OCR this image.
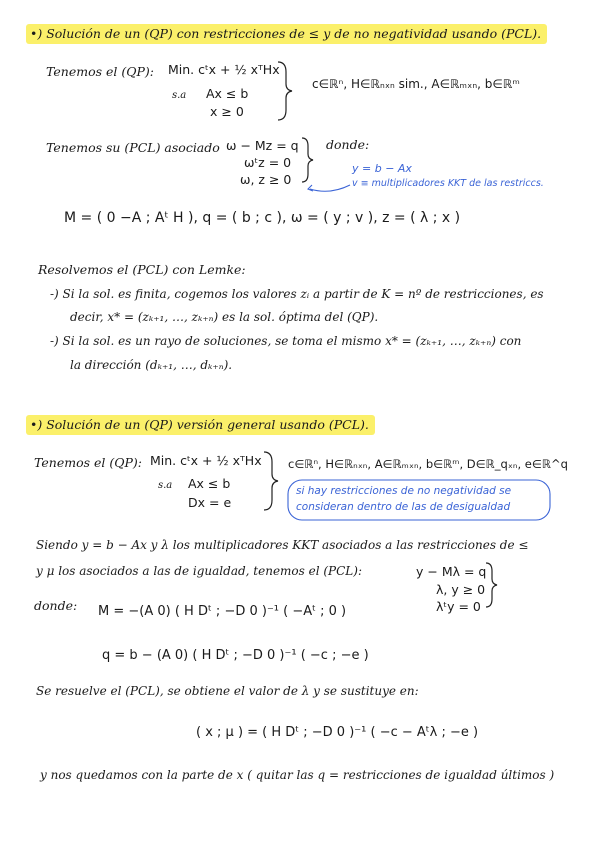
•) Solución de un (QP) con restricciones de ≤ y de no negatividad usando (PCL).
Tenemos el (QP): Min. cᵗx + ½ xᵀHx
s.a Ax ≤ b
x ≥ 0
c∈ℝⁿ, H∈ℝₙₓₙ sim., A∈ℝₘₓₙ, b∈ℝᵐ
Tenemos su (PCL) asociado ω − Mz = q
ωᵗz = 0
ω, z ≥ 0
donde:
y = b − Ax
v ≡ multiplicadores KKT de las restriccs.
M = ( 0 −A ; Aᵗ H ), q = ( b ; c ), ω = ( y ; v ), z = ( λ ; x )
Resolvemos el (PCL) con Lemke:
-) Si la sol. es finita, cogemos los valores zᵢ a partir de K = nº de restricciones, es
decir, x* = (zₖ₊₁, …, zₖ₊ₙ) es la sol. óptima del (QP).
-) Si la sol. es un rayo de soluciones, se toma el mismo x* = (zₖ₊₁, …, zₖ₊ₙ) con
la dirección (dₖ₊₁, …, dₖ₊ₙ).
•) Solución de un (QP) versión general usando (PCL).
Tenemos el (QP): Min. cᵗx + ½ xᵀHx
s.a Ax ≤ b
Dx = e
c∈ℝⁿ, H∈ℝₙₓₙ, A∈ℝₘₓₙ, b∈ℝᵐ, D∈ℝ_qₓₙ, e∈ℝ^q
si hay restricciones de no negatividad se
consideran dentro de las de desigualdad
Siendo y = b − Ax y λ los multiplicadores KKT asociados a las restricciones de ≤
y μ los asociados a las de igualdad, tenemos el (PCL):	y − Mλ = q
λ, y ≥ 0
λᵗy = 0
donde: M = −(A 0) ( H Dᵗ ; −D 0 )⁻¹ ( −Aᵗ ; 0 )
q = b − (A 0) ( H Dᵗ ; −D 0 )⁻¹ ( −c ; −e )
Se resuelve el (PCL), se obtiene el valor de λ y se sustituye en:
( x ; μ ) = ( H Dᵗ ; −D 0 )⁻¹ ( −c − Aᵗλ ; −e )
y nos quedamos con la parte de x ( quitar las q = restricciones de igualdad últimos )
